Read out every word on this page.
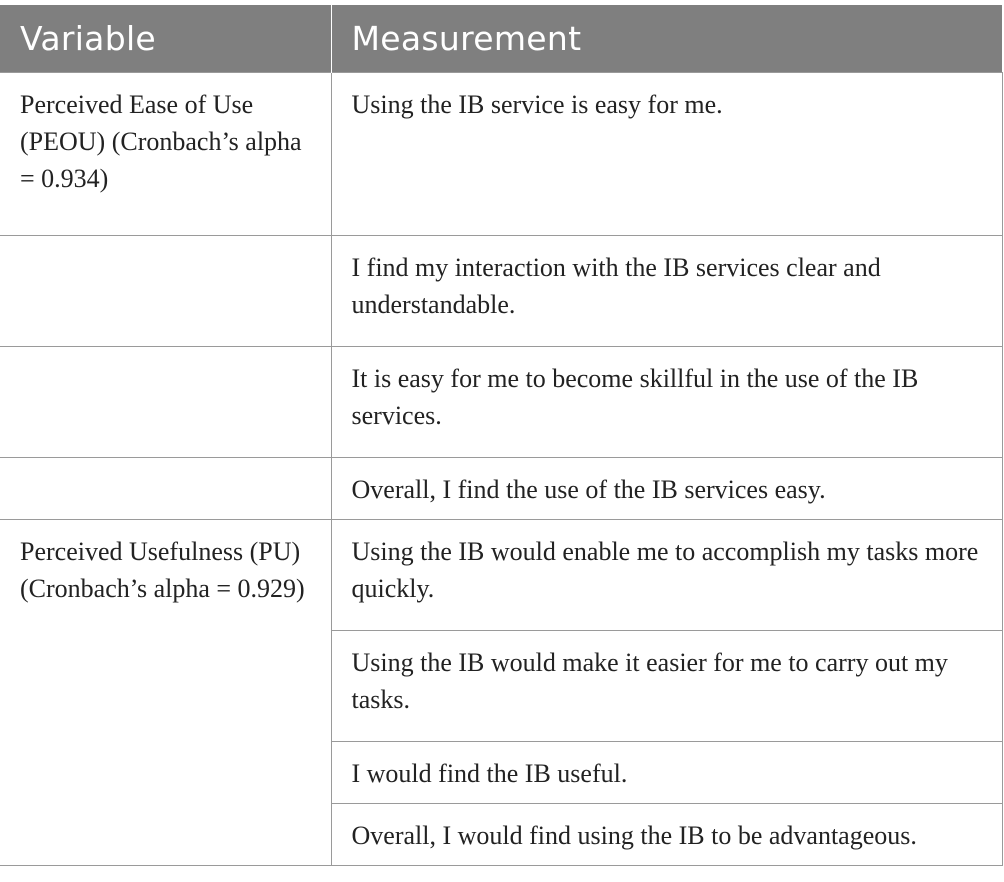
Variable	Measurement
Perceived Ease of Use (PEOU) (Cronbach’s alpha = 0.934)	Using the IB service is easy for me.
	I find my interaction with the IB services clear and understandable.
	It is easy for me to become skillful in the use of the IB services.
	Overall, I find the use of the IB services easy.
Perceived Usefulness (PU) (Cronbach’s alpha = 0.929)	Using the IB would enable me to accomplish my tasks more quickly.
	Using the IB would make it easier for me to carry out my tasks.
	I would find the IB useful.
	Overall, I would find using the IB to be advantageous.
